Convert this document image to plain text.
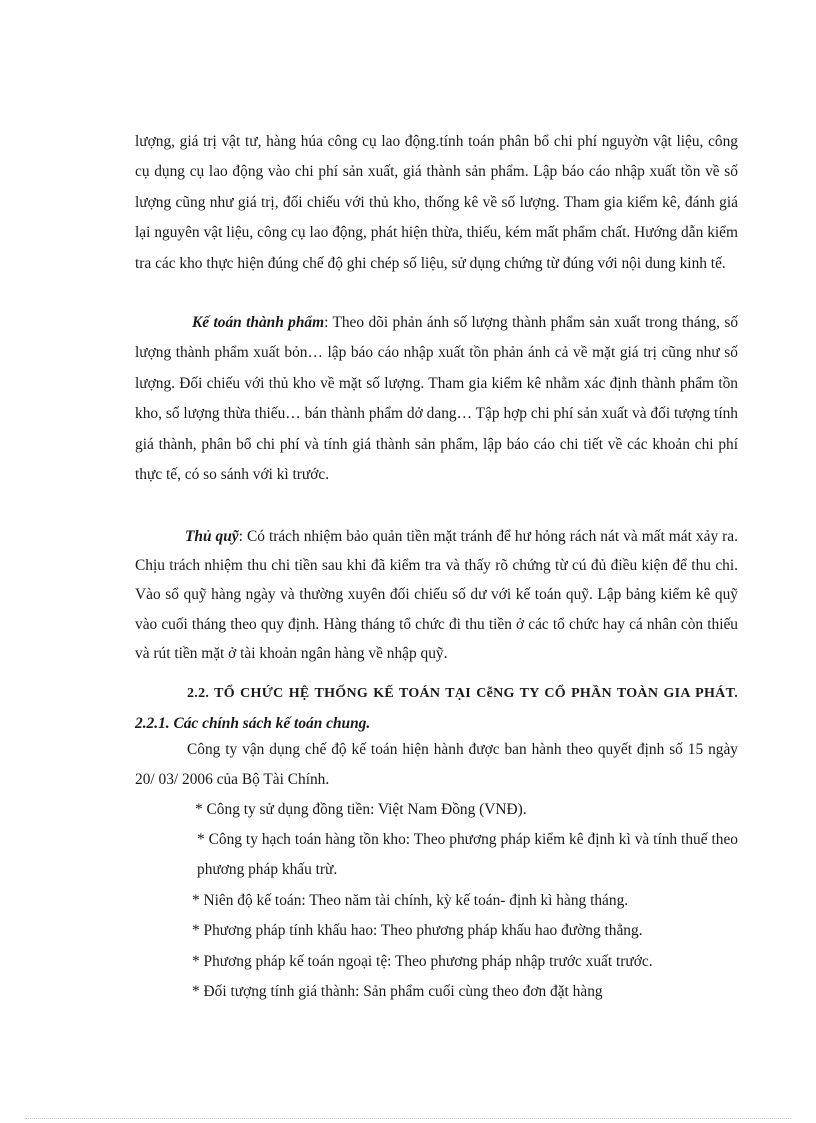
lượng, giá trị vật tư, hàng húa công cụ lao động.tính toán phân bổ chi phí nguyờn vật liệu, công cụ dụng cụ lao động vào chi phí sản xuất, giá thành sản phẩm. Lập báo cáo nhập xuất tồn về số lượng cũng như giá trị, đối chiếu với thủ kho, thống kê về số lượng. Tham gia kiểm kê, đánh giá lại nguyên vật liệu, công cụ lao động, phát hiện thừa, thiếu, kém mất phẩm chất. Hướng dẫn kiểm tra các kho thực hiện đúng chế độ ghi chép số liệu, sử dụng chứng từ đúng với nội dung kinh tế.
Kế toán thành phẩm: Theo dõi phản ánh số lượng thành phẩm sản xuất trong tháng, số lượng thành phẩm xuất bỏn… lập báo cáo nhập xuất tồn phản ánh cả về mặt giá trị cũng như số lượng. Đối chiếu với thủ kho về mặt số lượng. Tham gia kiểm kê nhằm xác định thành phẩm tồn kho, số lượng thừa thiếu… bán thành phẩm dở dang… Tập hợp chi phí sản xuất và đối tượng tính giá thành, phân bổ chi phí và tính giá thành sản phẩm, lập báo cáo chi tiết về các khoản chi phí thực tế, có so sánh với kì trước.
Thủ quỹ: Có trách nhiệm bảo quản tiền mặt tránh để hư hỏng rách nát và mất mát xảy ra. Chịu trách nhiệm thu chi tiền sau khi đã kiểm tra và thấy rõ chứng từ cú đủ điều kiện để thu chi. Vào sổ quỹ hàng ngày và thường xuyên đối chiếu số dư với kế toán quỹ. Lập bảng kiểm kê quỹ vào cuối tháng theo quy định. Hàng tháng tổ chức đi thu tiền ở các tổ chức hay cá nhân còn thiếu và rút tiền mặt ở tài khoản ngân hàng về nhập quỹ.
2.2. TỔ CHỨC HỆ THỐNG KẾ TOÁN TẠI CễNG TY CỔ PHẦN TOÀN GIA PHÁT. 2.2.1. Các chính sách kế toán chung.
Công ty vận dụng chế độ kế toán hiện hành được ban hành theo quyết định số 15 ngày 20/ 03/ 2006 của Bộ Tài Chính.
* Công ty sử dụng đồng tiền: Việt Nam Đồng (VNĐ).
* Công ty hạch toán hàng tồn kho: Theo phương pháp kiểm kê định kì và tính thuế theo phương pháp khấu trừ.
* Niên độ kế toán: Theo năm tài chính, kỳ kế toán- định kì hàng tháng.
* Phương pháp tính khấu hao: Theo phương pháp khấu hao đường thẳng.
* Phương pháp kế toán ngoại tệ: Theo phương pháp nhập trước xuất trước.
* Đối tượng tính giá thành: Sản phẩm cuối cùng theo đơn đặt hàng
